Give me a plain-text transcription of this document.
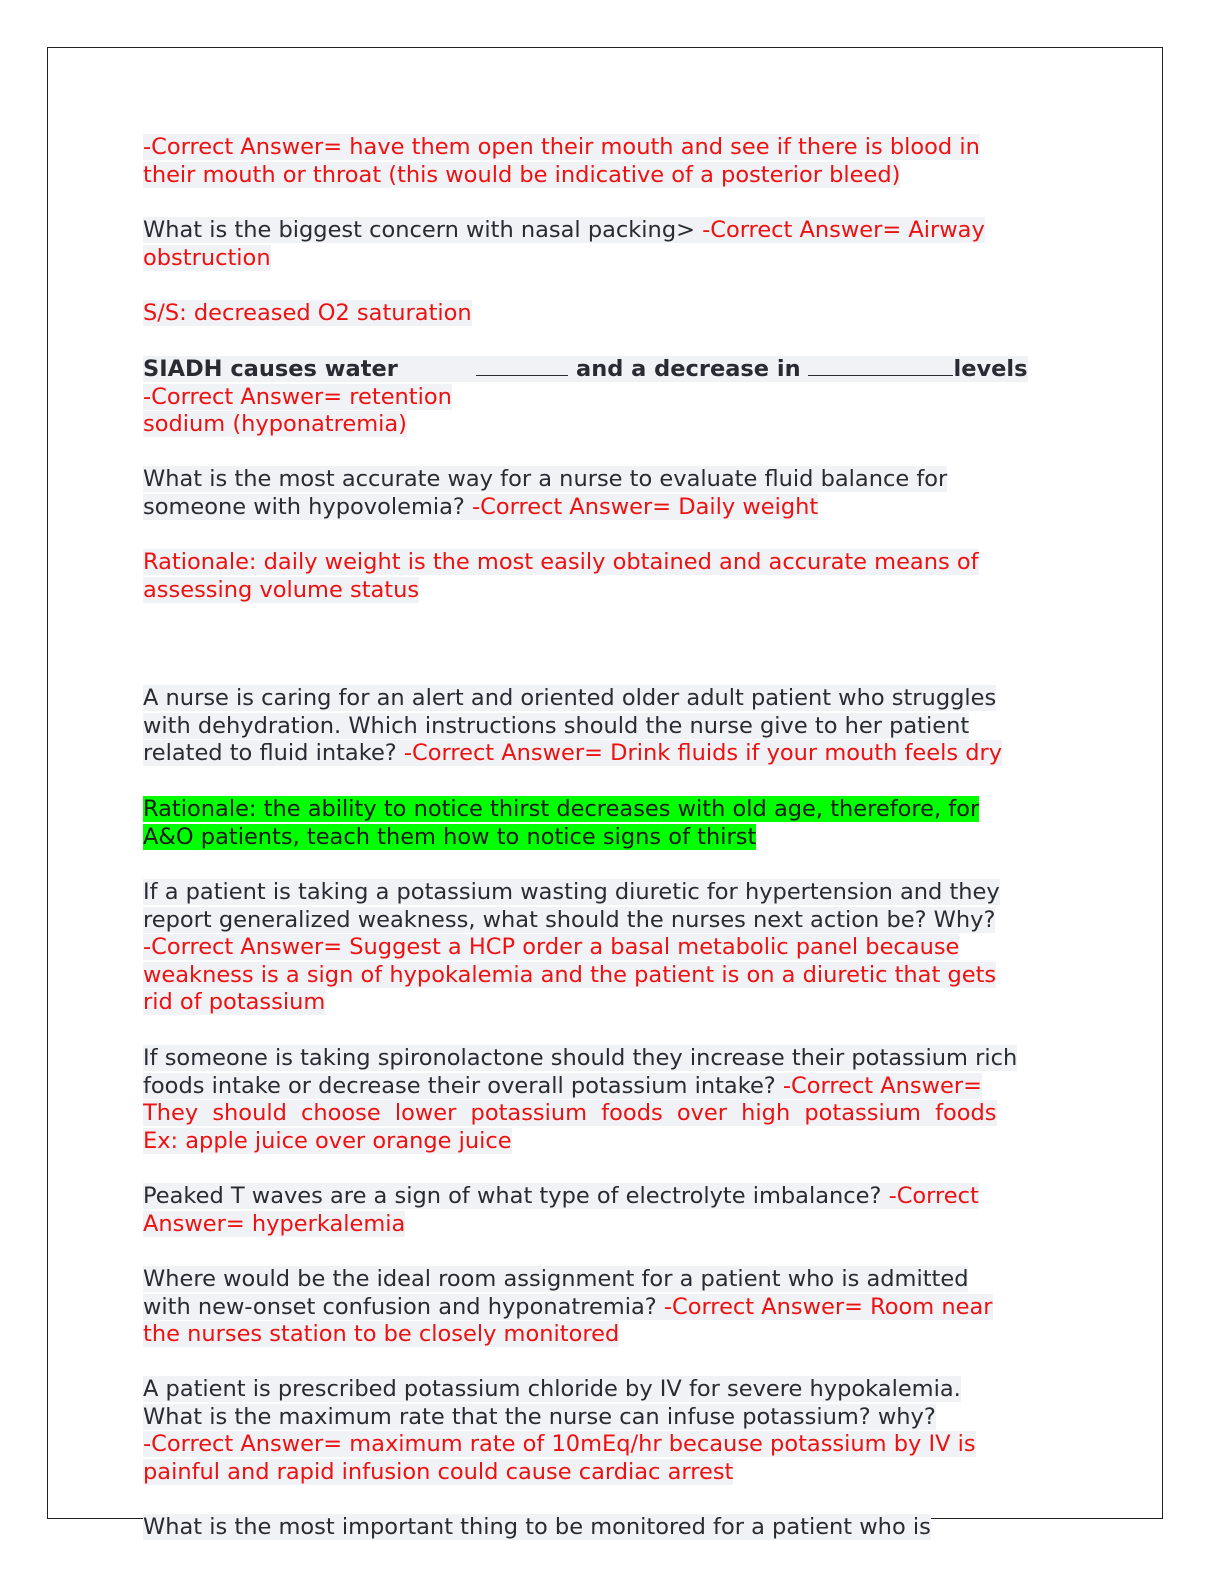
-Correct Answer= have them open their mouth and see if there is blood in
their mouth or throat (this would be indicative of a posterior bleed)
What is the biggest concern with nasal packing> -Correct Answer= Airway
obstruction
S/S: decreased O2 saturation
SIADH causes water	and a decrease in	levels
-Correct Answer= retention
sodium (hyponatremia)
What is the most accurate way for a nurse to evaluate fluid balance for
someone with hypovolemia? -Correct Answer= Daily weight
Rationale: daily weight is the most easily obtained and accurate means of
assessing volume status
A nurse is caring for an alert and oriented older adult patient who struggles
with dehydration. Which instructions should the nurse give to her patient
related to fluid intake? -Correct Answer= Drink fluids if your mouth feels dry
Rationale: the ability to notice thirst decreases with old age, therefore, for
A&O patients, teach them how to notice signs of thirst
If a patient is taking a potassium wasting diuretic for hypertension and they
report generalized weakness, what should the nurses next action be? Why?
-Correct Answer= Suggest a HCP order a basal metabolic panel because
weakness is a sign of hypokalemia and the patient is on a diuretic that gets
rid of potassium
If someone is taking spironolactone should they increase their potassium rich
foods intake or decrease their overall potassium intake? -Correct Answer=
They should choose lower potassium foods over high potassium foods
Ex: apple juice over orange juice
Peaked T waves are a sign of what type of electrolyte imbalance? -Correct
Answer= hyperkalemia
Where would be the ideal room assignment for a patient who is admitted
with new-onset confusion and hyponatremia? -Correct Answer= Room near
the nurses station to be closely monitored
A patient is prescribed potassium chloride by IV for severe hypokalemia.
What is the maximum rate that the nurse can infuse potassium? why?
-Correct Answer= maximum rate of 10mEq/hr because potassium by IV is
painful and rapid infusion could cause cardiac arrest
What is the most important thing to be monitored for a patient who is
